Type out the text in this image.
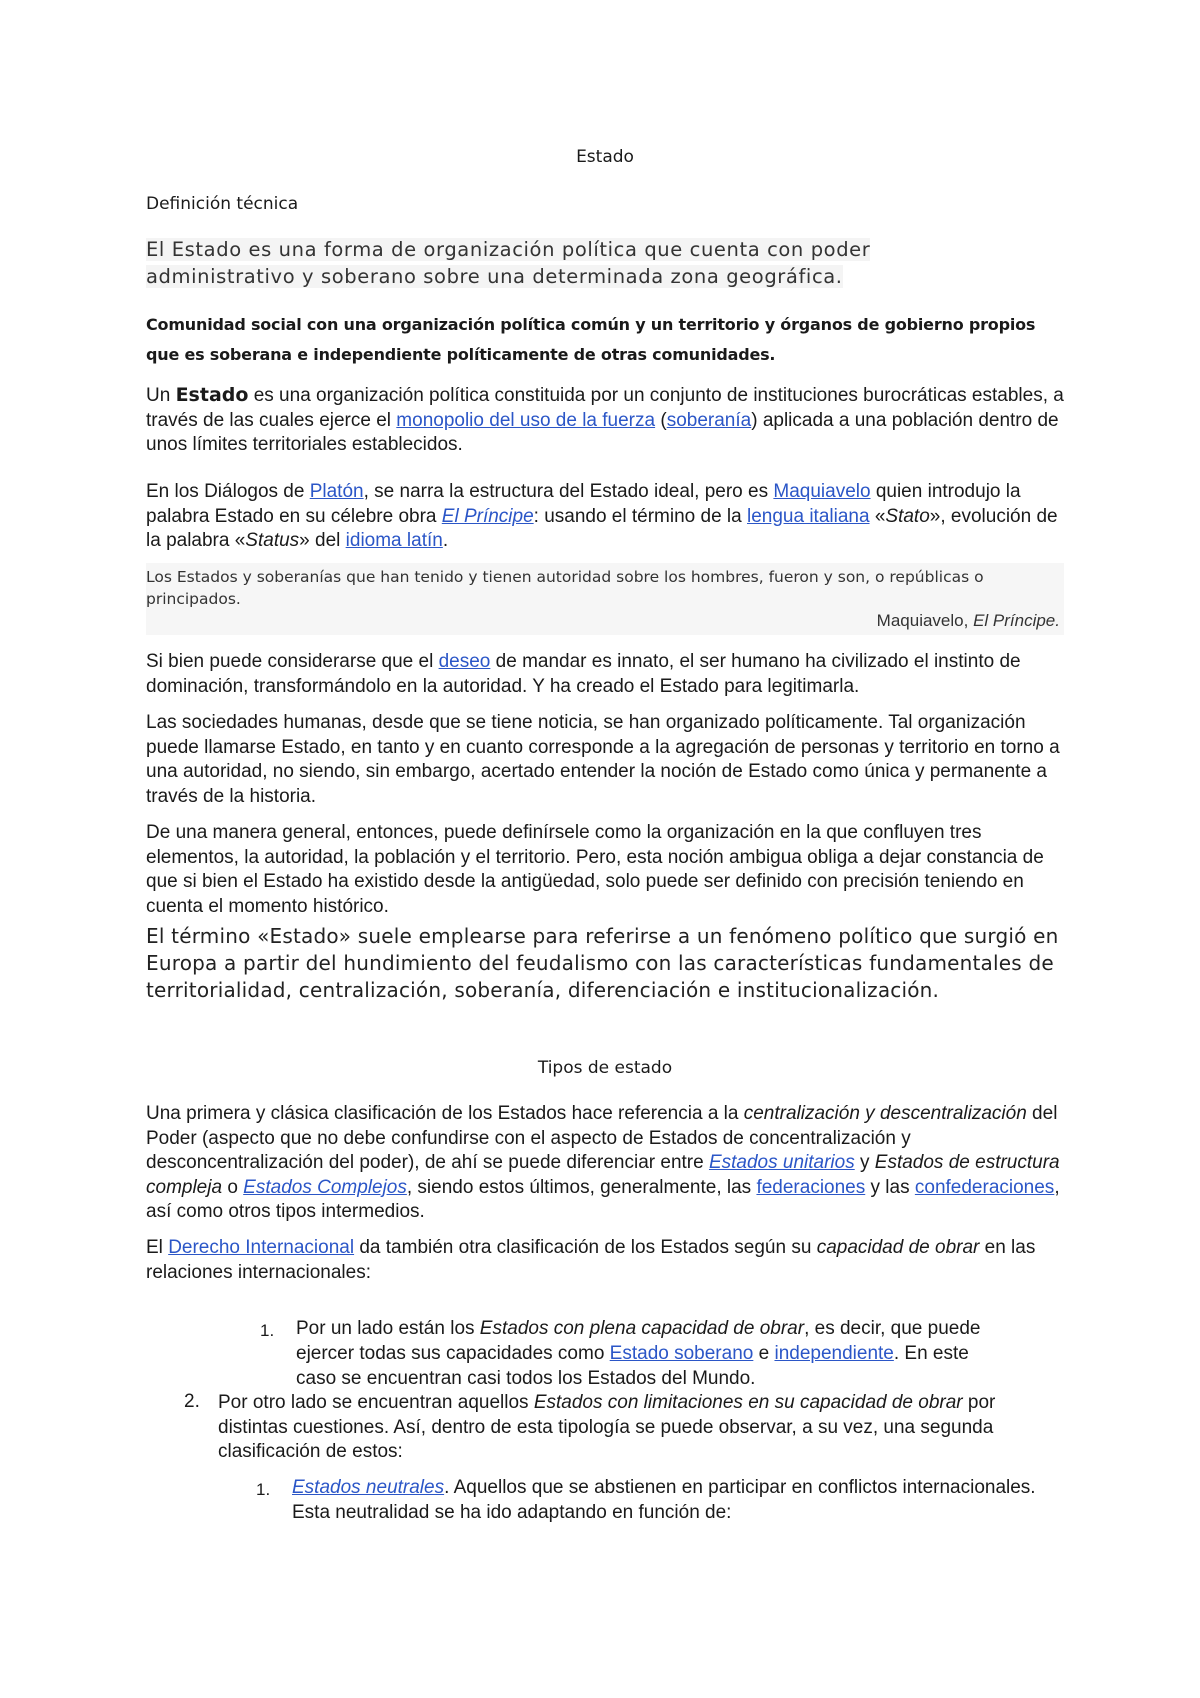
Estado
Definición técnica
El Estado es una forma de organización política que cuenta con poder administrativo y soberano sobre una determinada zona geográfica.
Comunidad social con una organización política común y un territorio y órganos de gobierno propios que es soberana e independiente políticamente de otras comunidades.
Un Estado es una organización política constituida por un conjunto de instituciones burocráticas estables, a través de las cuales ejerce el monopolio del uso de la fuerza (soberanía) aplicada a una población dentro de unos límites territoriales establecidos.
En los Diálogos de Platón, se narra la estructura del Estado ideal, pero es Maquiavelo quien introdujo la palabra Estado en su célebre obra El Príncipe: usando el término de la lengua italiana «Stato», evolución de la palabra «Status» del idioma latín.
Los Estados y soberanías que han tenido y tienen autoridad sobre los hombres, fueron y son, o repúblicas o principados.
Maquiavelo, El Príncipe.
Si bien puede considerarse que el deseo de mandar es innato, el ser humano ha civilizado el instinto de dominación, transformándolo en la autoridad. Y ha creado el Estado para legitimarla.
Las sociedades humanas, desde que se tiene noticia, se han organizado políticamente. Tal organización puede llamarse Estado, en tanto y en cuanto corresponde a la agregación de personas y territorio en torno a una autoridad, no siendo, sin embargo, acertado entender la noción de Estado como única y permanente a través de la historia.
De una manera general, entonces, puede definírsele como la organización en la que confluyen tres elementos, la autoridad, la población y el territorio. Pero, esta noción ambigua obliga a dejar constancia de que si bien el Estado ha existido desde la antigüedad, solo puede ser definido con precisión teniendo en cuenta el momento histórico.
El término «Estado» suele emplearse para referirse a un fenómeno político que surgió en Europa a partir del hundimiento del feudalismo con las características fundamentales de territorialidad, centralización, soberanía, diferenciación e institucionalización.
Tipos de estado
Una primera y clásica clasificación de los Estados hace referencia a la centralización y descentralización del Poder (aspecto que no debe confundirse con el aspecto de Estados de concentralización y desconcentralización del poder), de ahí se puede diferenciar entre Estados unitarios y Estados de estructura compleja o Estados Complejos, siendo estos últimos, generalmente, las federaciones y las confederaciones, así como otros tipos intermedios.
El Derecho Internacional da también otra clasificación de los Estados según su capacidad de obrar en las relaciones internacionales:
1. Por un lado están los Estados con plena capacidad de obrar, es decir, que puede ejercer todas sus capacidades como Estado soberano e independiente. En este caso se encuentran casi todos los Estados del Mundo.
2. Por otro lado se encuentran aquellos Estados con limitaciones en su capacidad de obrar por distintas cuestiones. Así, dentro de esta tipología se puede observar, a su vez, una segunda clasificación de estos:
1. Estados neutrales. Aquellos que se abstienen en participar en conflictos internacionales. Esta neutralidad se ha ido adaptando en función de:
